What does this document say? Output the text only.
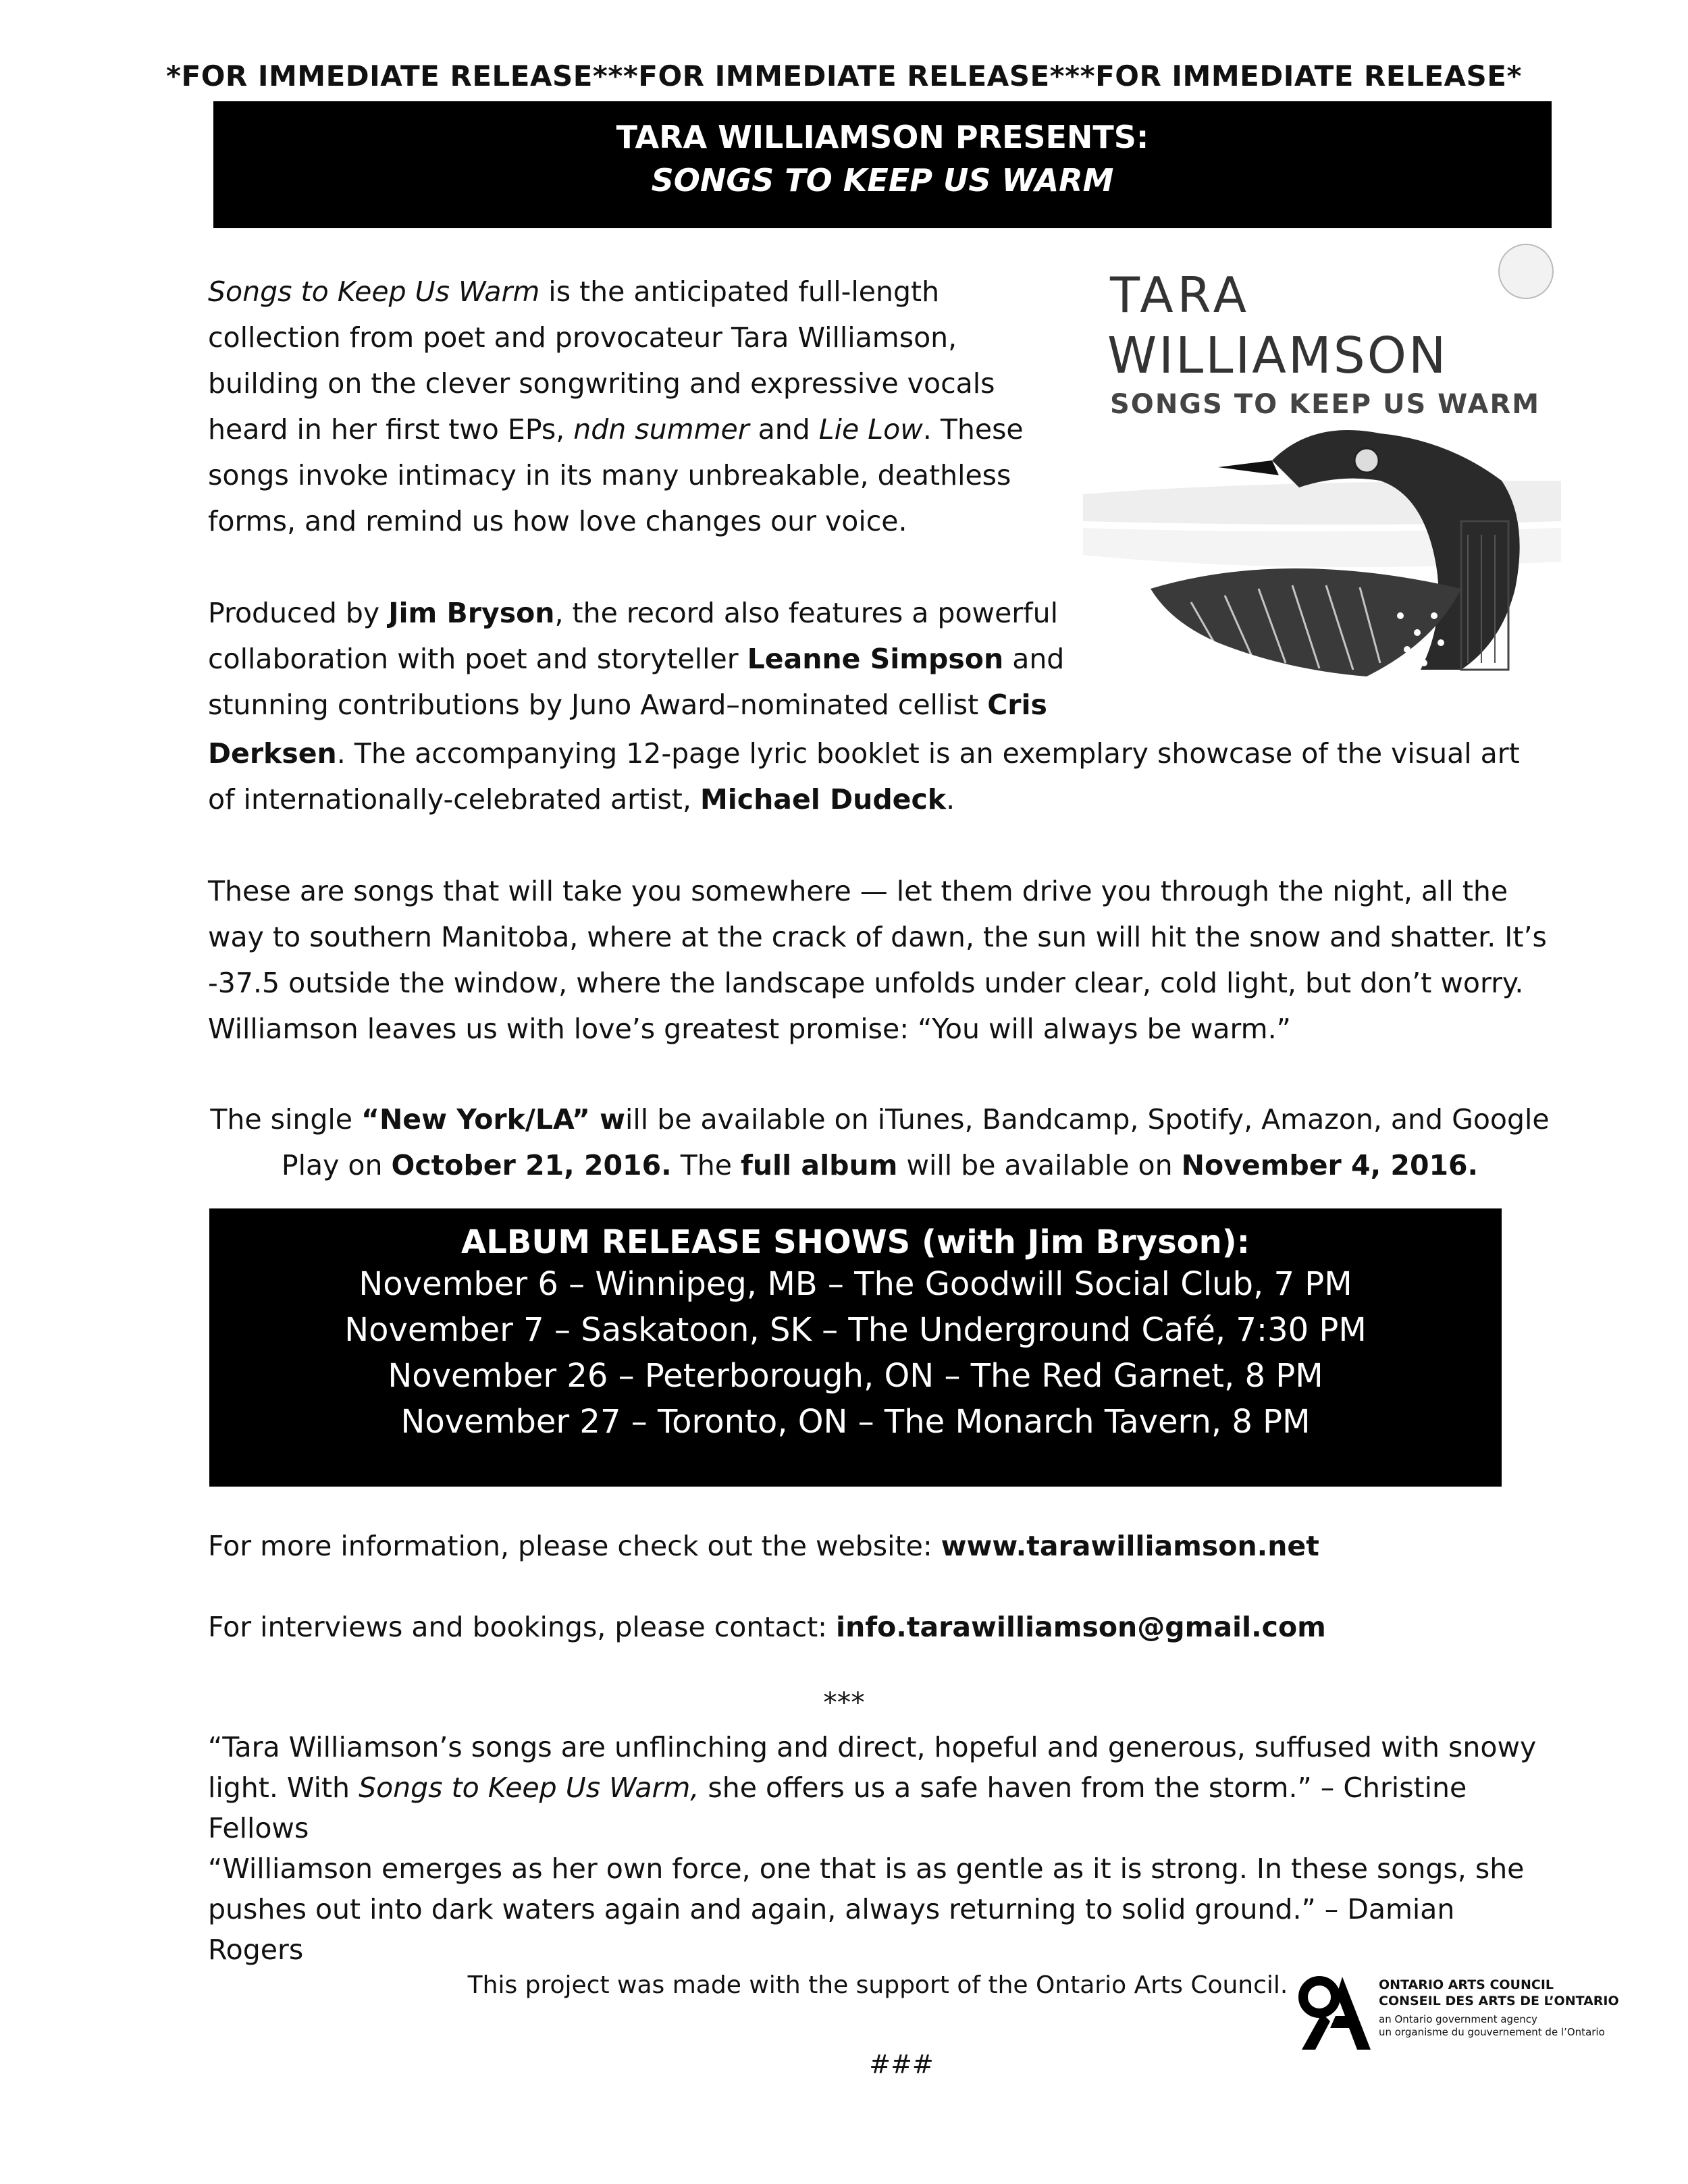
*FOR IMMEDIATE RELEASE***FOR IMMEDIATE RELEASE***FOR IMMEDIATE RELEASE*
TARA WILLIAMSON PRESENTS:
SONGS TO KEEP US WARM
Songs to Keep Us Warm is the anticipated full-length collection from poet and provocateur Tara Williamson, building on the clever songwriting and expressive vocals heard in her first two EPs, ndn summer and Lie Low. These songs invoke intimacy in its many unbreakable, deathless forms, and remind us how love changes our voice.
TARA
WILLIAMSON
SONGS TO KEEP US WARM
Produced by Jim Bryson, the record also features a powerful collaboration with poet and storyteller Leanne Simpson and stunning contributions by Juno Award–nominated cellist Cris
Derksen. The accompanying 12-page lyric booklet is an exemplary showcase of the visual art of internationally-celebrated artist, Michael Dudeck.
These are songs that will take you somewhere — let them drive you through the night, all the way to southern Manitoba, where at the crack of dawn, the sun will hit the snow and shatter. It’s -37.5 outside the window, where the landscape unfolds under clear, cold light, but don’t worry. Williamson leaves us with love’s greatest promise: “You will always be warm.”
The single “New York/LA” will be available on iTunes, Bandcamp, Spotify, Amazon, and Google Play on October 21, 2016. The full album will be available on November 4, 2016.
ALBUM RELEASE SHOWS (with Jim Bryson):
November 6 – Winnipeg, MB – The Goodwill Social Club, 7 PM
November 7 – Saskatoon, SK – The Underground Café, 7:30 PM
November 26 – Peterborough, ON – The Red Garnet, 8 PM
November 27 – Toronto, ON – The Monarch Tavern, 8 PM
For more information, please check out the website: www.tarawilliamson.net
For interviews and bookings, please contact: info.tarawilliamson@gmail.com
***
“Tara Williamson’s songs are unflinching and direct, hopeful and generous, suffused with snowy light. With Songs to Keep Us Warm, she offers us a safe haven from the storm.” – Christine Fellows
“Williamson emerges as her own force, one that is as gentle as it is strong. In these songs, she pushes out into dark waters again and again, always returning to solid ground.” – Damian Rogers
This project was made with the support of the Ontario Arts Council.	ONTARIO ARTS COUNCIL
CONSEIL DES ARTS DE L’ONTARIO
an Ontario government agency
un organisme du gouvernement de l’Ontario
###
